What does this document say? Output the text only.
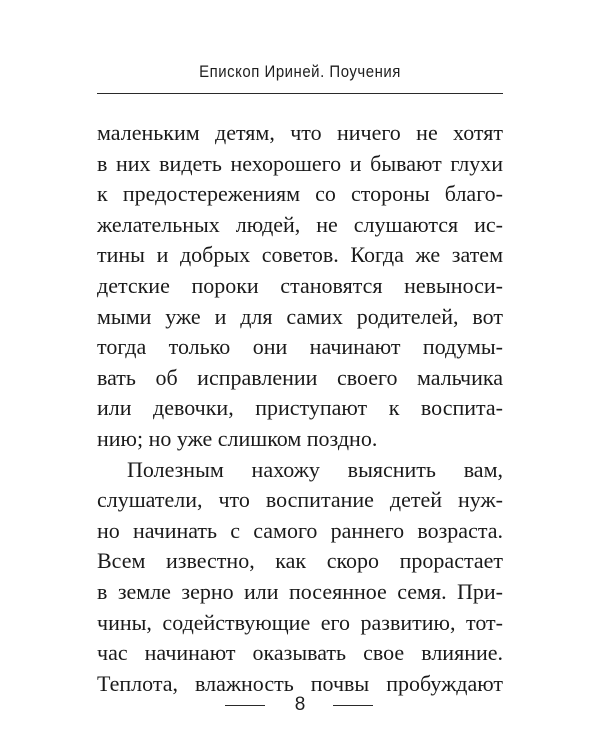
Епископ Ириней. Поучения
маленьким детям, что ничего не хотят
в них видеть нехорошего и бывают глухи
к предостережениям со стороны благо-
желательных людей, не слушаются ис-
тины и добрых советов. Когда же затем
детские пороки становятся невыноси-
мыми уже и для самих родителей, вот
тогда только они начинают подумы-
вать об исправлении своего мальчика
или девочки, приступают к воспита-
нию; но уже слишком поздно.
Полезным нахожу выяснить вам,
слушатели, что воспитание детей нуж-
но начинать с самого раннего возраста.
Всем известно, как скоро прорастает
в земле зерно или посеянное семя. При-
чины, содействующие его развитию, тот-
час начинают оказывать свое влияние.
Теплота, влажность почвы пробуждают
8
